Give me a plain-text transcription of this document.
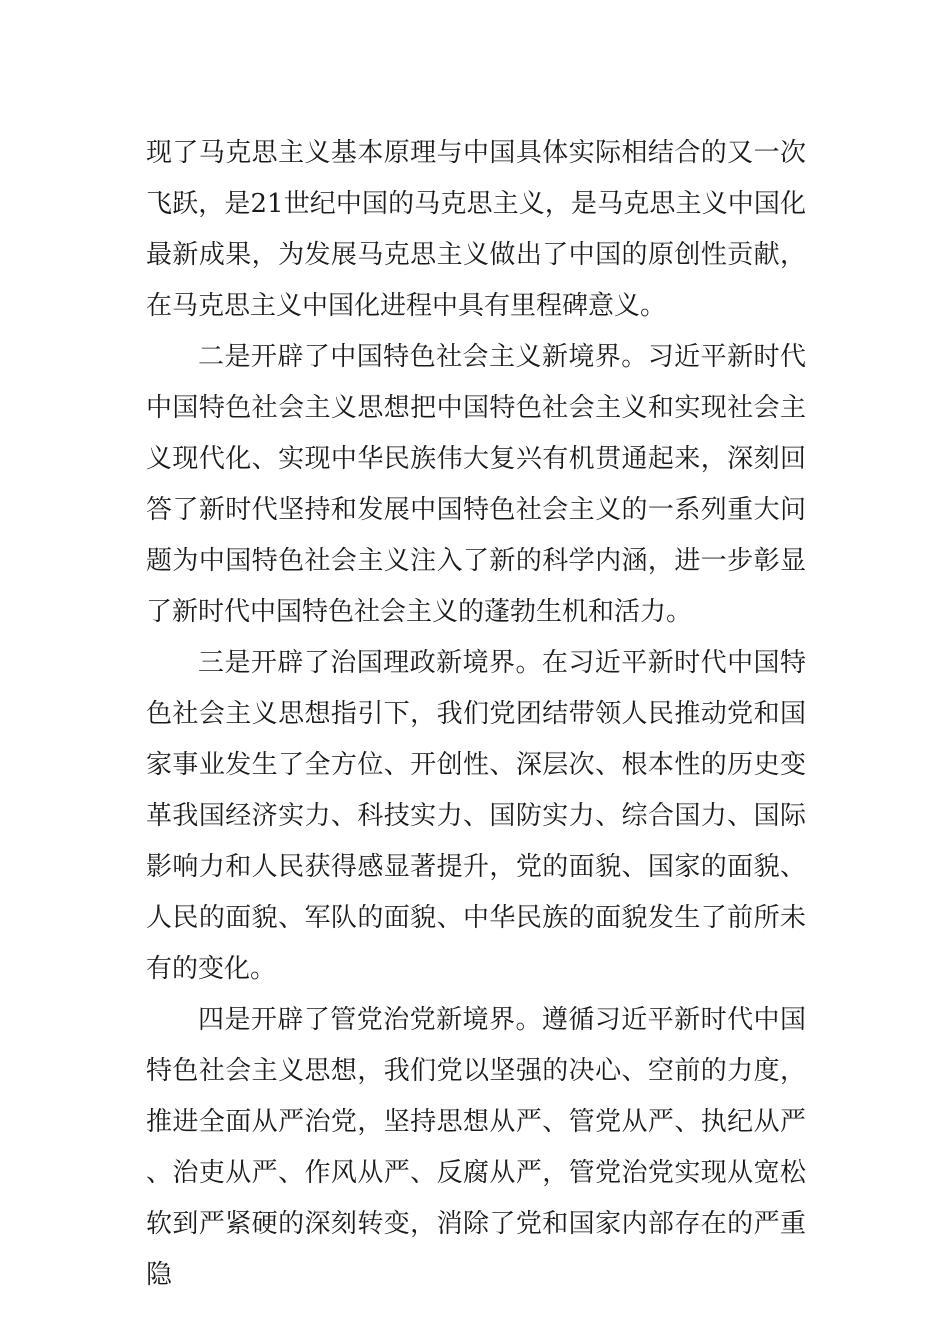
现了马克思主义基本原理与中国具体实际相结合的又一次飞跃，是21世纪中国的马克思主义，是马克思主义中国化最新成果，为发展马克思主义做出了中国的原创性贡献，在马克思主义中国化进程中具有里程碑意义。

二是开辟了中国特色社会主义新境界。习近平新时代中国特色社会主义思想把中国特色社会主义和实现社会主义现代化、实现中华民族伟大复兴有机贯通起来，深刻回答了新时代坚持和发展中国特色社会主义的一系列重大问题为中国特色社会主义注入了新的科学内涵，进一步彰显了新时代中国特色社会主义的蓬勃生机和活力。

三是开辟了治国理政新境界。在习近平新时代中国特色社会主义思想指引下，我们党团结带领人民推动党和国家事业发生了全方位、开创性、深层次、根本性的历史变革我国经济实力、科技实力、国防实力、综合国力、国际影响力和人民获得感显著提升，党的面貌、国家的面貌、人民的面貌、军队的面貌、中华民族的面貌发生了前所未有的变化。

四是开辟了管党治党新境界。遵循习近平新时代中国特色社会主义思想，我们党以坚强的决心、空前的力度，推进全面从严治党，坚持思想从严、管党从严、执纪从严、治吏从严、作风从严、反腐从严，管党治党实现从宽松软到严紧硬的深刻转变，消除了党和国家内部存在的严重隐
